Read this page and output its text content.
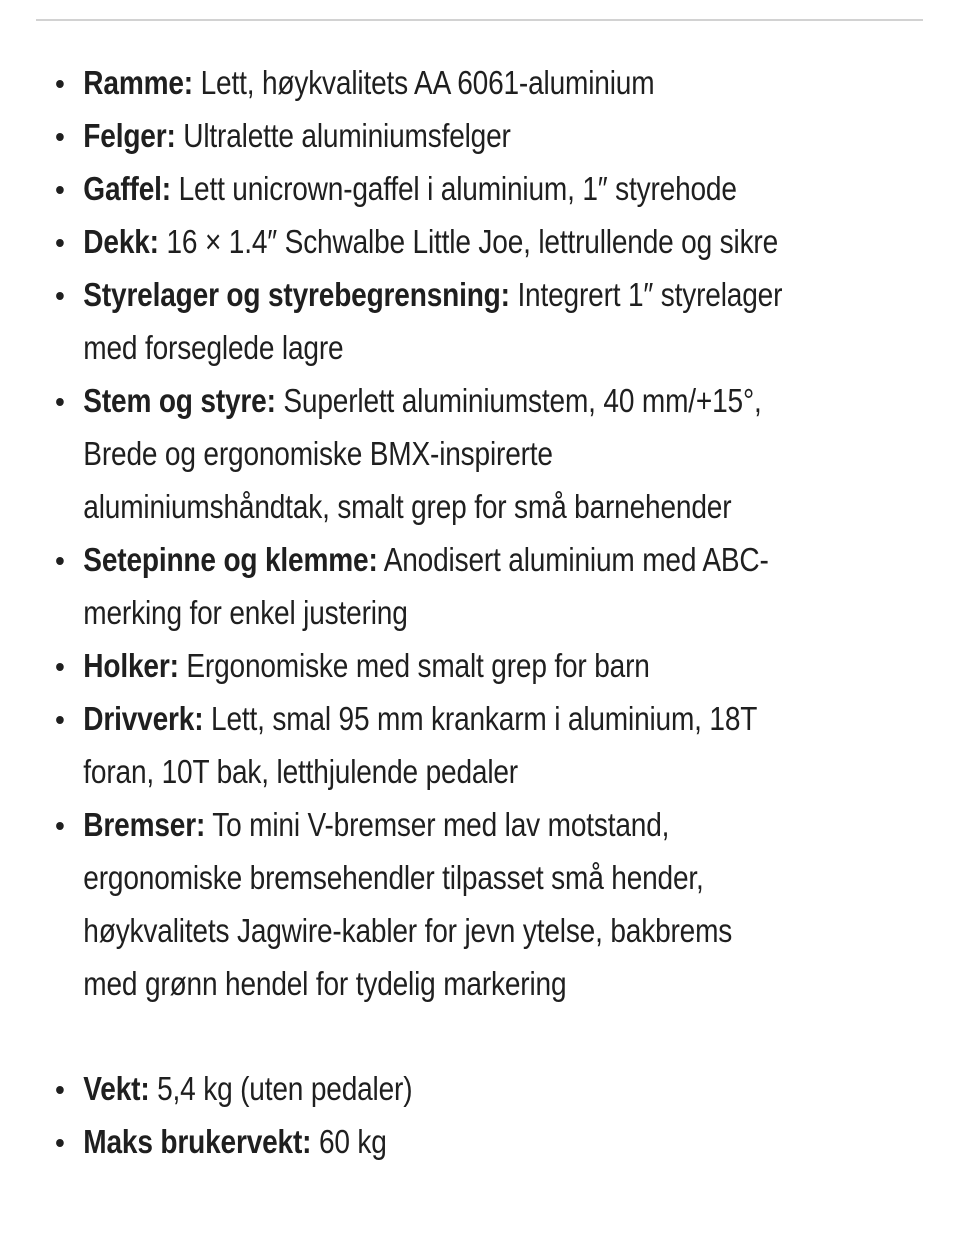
Ramme: Lett, høykvalitets AA 6061-aluminium
Felger: Ultralette aluminiumsfelger
Gaffel: Lett unicrown-gaffel i aluminium, 1″ styrehode
Dekk: 16 × 1.4″ Schwalbe Little Joe, lettrullende og sikre
Styrelager og styrebegrensning: Integrert 1″ styrelager
med forseglede lagre
Stem og styre: Superlett aluminiumstem, 40 mm/+15°,
Brede og ergonomiske BMX-inspirerte
aluminiumshåndtak, smalt grep for små barnehender
Setepinne og klemme: Anodisert aluminium med ABC-
merking for enkel justering
Holker: Ergonomiske med smalt grep for barn
Drivverk: Lett, smal 95 mm krankarm i aluminium, 18T
foran, 10T bak, letthjulende pedaler
Bremser: To mini V-bremser med lav motstand,
ergonomiske bremsehendler tilpasset små hender,
høykvalitets Jagwire-kabler for jevn ytelse, bakbrems
med grønn hendel for tydelig markering
Vekt: 5,4 kg (uten pedaler)
Maks brukervekt: 60 kg
